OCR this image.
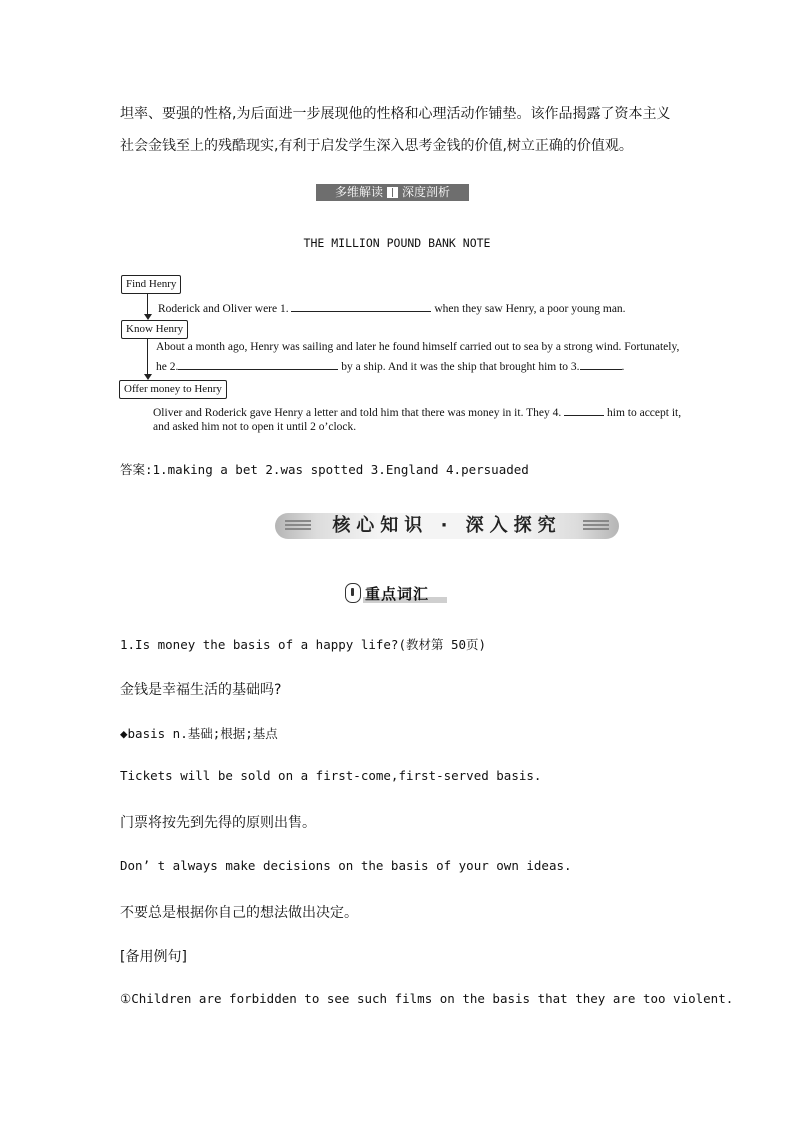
坦率、要强的性格,为后面进一步展现他的性格和心理活动作铺垫。该作品揭露了资本主义
社会金钱至上的残酷现实,有利于启发学生深入思考金钱的价值,树立正确的价值观。
多维解读 深度剖析
THE MILLION POUND BANK NOTE
Find Henry
Know Henry
Offer money to Henry
Roderick and Oliver were 1.	when they saw Henry, a poor young man.
About a month ago, Henry was sailing and later he found himself carried out to sea by a strong wind. Fortunately,
he 2.	by a ship. And it was the ship that brought him to 3.	.
Oliver and Roderick gave Henry a letter and told him that there was money in it. They 4.	him to accept it,
and asked him not to open it until 2 o’clock.
答案:1.making a bet 2.was spotted 3.England 4.persuaded
核心知识 · 深入探究
重点词汇
1.Is money the basis of a happy life?(教材第 50页)
金钱是幸福生活的基础吗?
◆basis n.基础;根据;基点
Tickets will be sold on a first-come,first-served basis.
门票将按先到先得的原则出售。
Don’ t always make decisions on the basis of your own ideas.
不要总是根据你自己的想法做出决定。
[备用例句]
①Children are forbidden to see such films on the basis that they are too violent.
